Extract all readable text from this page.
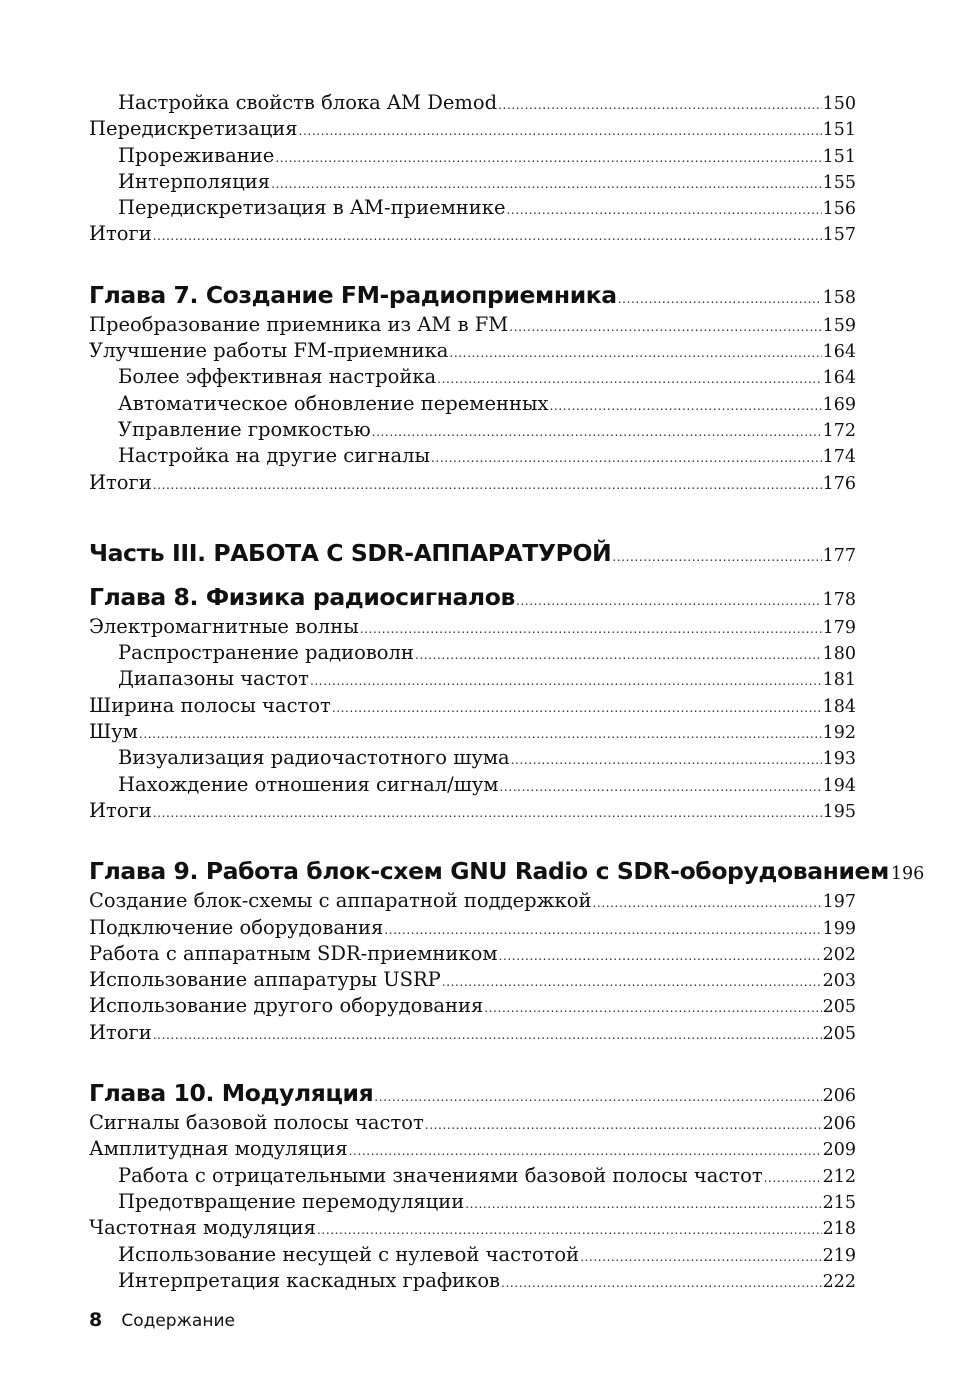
Настройка свойств блока AM Demod .....	150
Передискретизация .....	151
Прореживание .....	151
Интерполяция .....	155
Передискретизация в AM-приемнике .....	156
Итоги .....	157
Глава 7. Создание FM-радиоприемника .....	158
Преобразование приемника из AM в FM .....	159
Улучшение работы FM-приемника .....	164
Более эффективная настройка .....	164
Автоматическое обновление переменных .....	169
Управление громкостью .....	172
Настройка на другие сигналы .....	174
Итоги .....	176
Часть III. РАБОТА С SDR-АППАРАТУРОЙ .....	177
Глава 8. Физика радиосигналов .....	178
Электромагнитные волны .....	179
Распространение радиоволн .....	180
Диапазоны частот .....	181
Ширина полосы частот .....	184
Шум .....	192
Визуализация радиочастотного шума .....	193
Нахождение отношения сигнал/шум .....	194
Итоги .....	195
Глава 9. Работа блок-схем GNU Radio с SDR-оборудованием 196
Создание блок-схемы с аппаратной поддержкой .....	197
Подключение оборудования .....	199
Работа с аппаратным SDR-приемником .....	202
Использование аппаратуры USRP .....	203
Использование другого оборудования .....	205
Итоги .....	205
Глава 10. Модуляция .....	206
Сигналы базовой полосы частот .....	206
Амплитудная модуляция .....	209
Работа с отрицательными значениями базовой полосы частот .....	212
Предотвращение перемодуляции .....	215
Частотная модуляция .....	218
Использование несущей с нулевой частотой .....	219
Интерпретация каскадных графиков .....	222
8 Содержание
